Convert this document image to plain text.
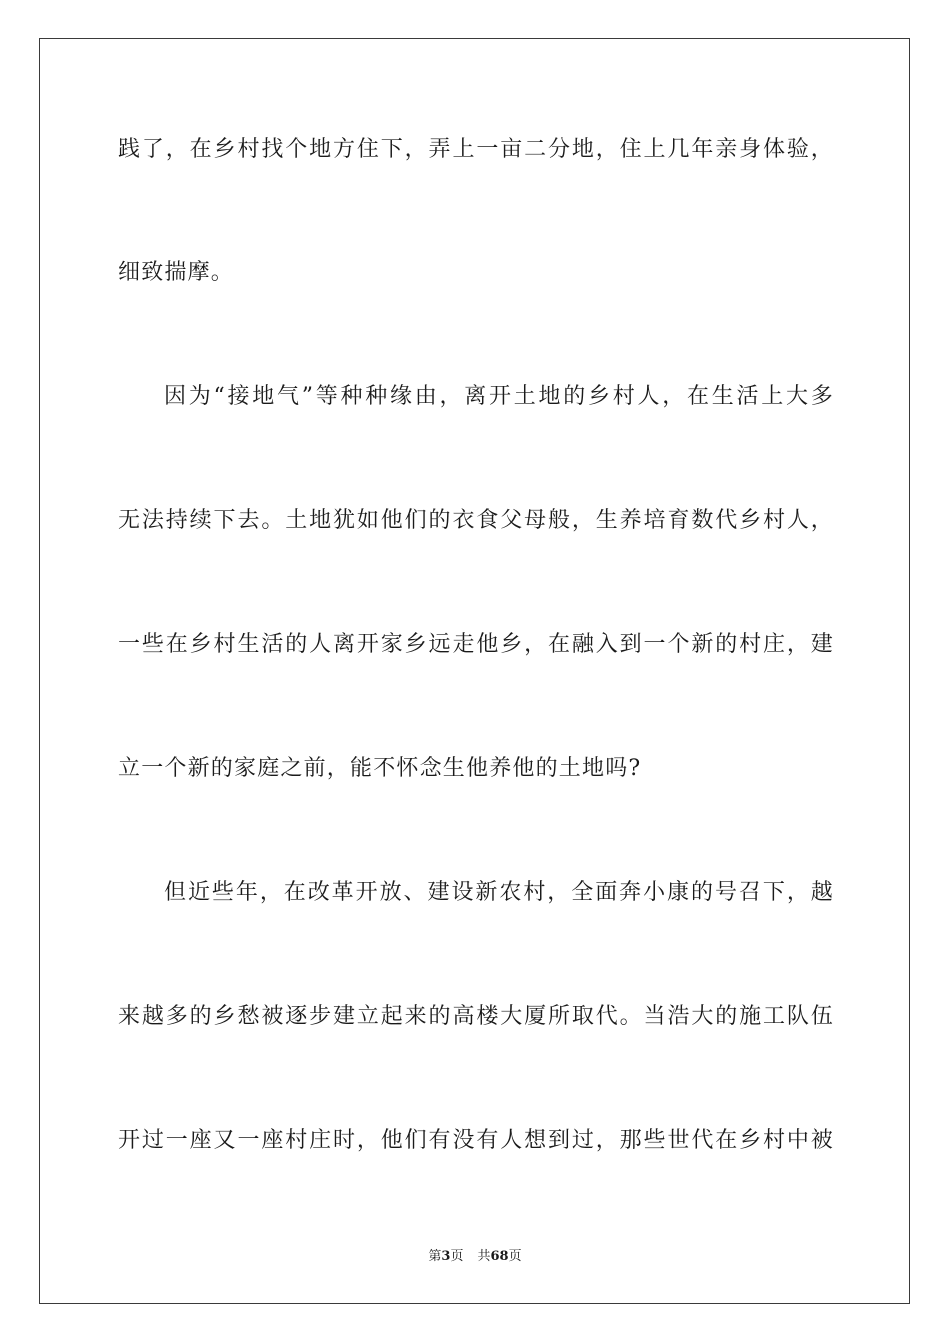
践了，在乡村找个地方住下，弄上一亩二分地，住上几年亲身体验，
细致揣摩。
因为“接地气”等种种缘由，离开土地的乡村人，在生活上大多
无法持续下去。土地犹如他们的衣食父母般，生养培育数代乡村人，
一些在乡村生活的人离开家乡远走他乡，在融入到一个新的村庄，建
立一个新的家庭之前，能不怀念生他养他的土地吗?
但近些年，在改革开放、建设新农村，全面奔小康的号召下，越
来越多的乡愁被逐步建立起来的高楼大厦所取代。当浩大的施工队伍
开过一座又一座村庄时，他们有没有人想到过，那些世代在乡村中被
第3页 共68页
